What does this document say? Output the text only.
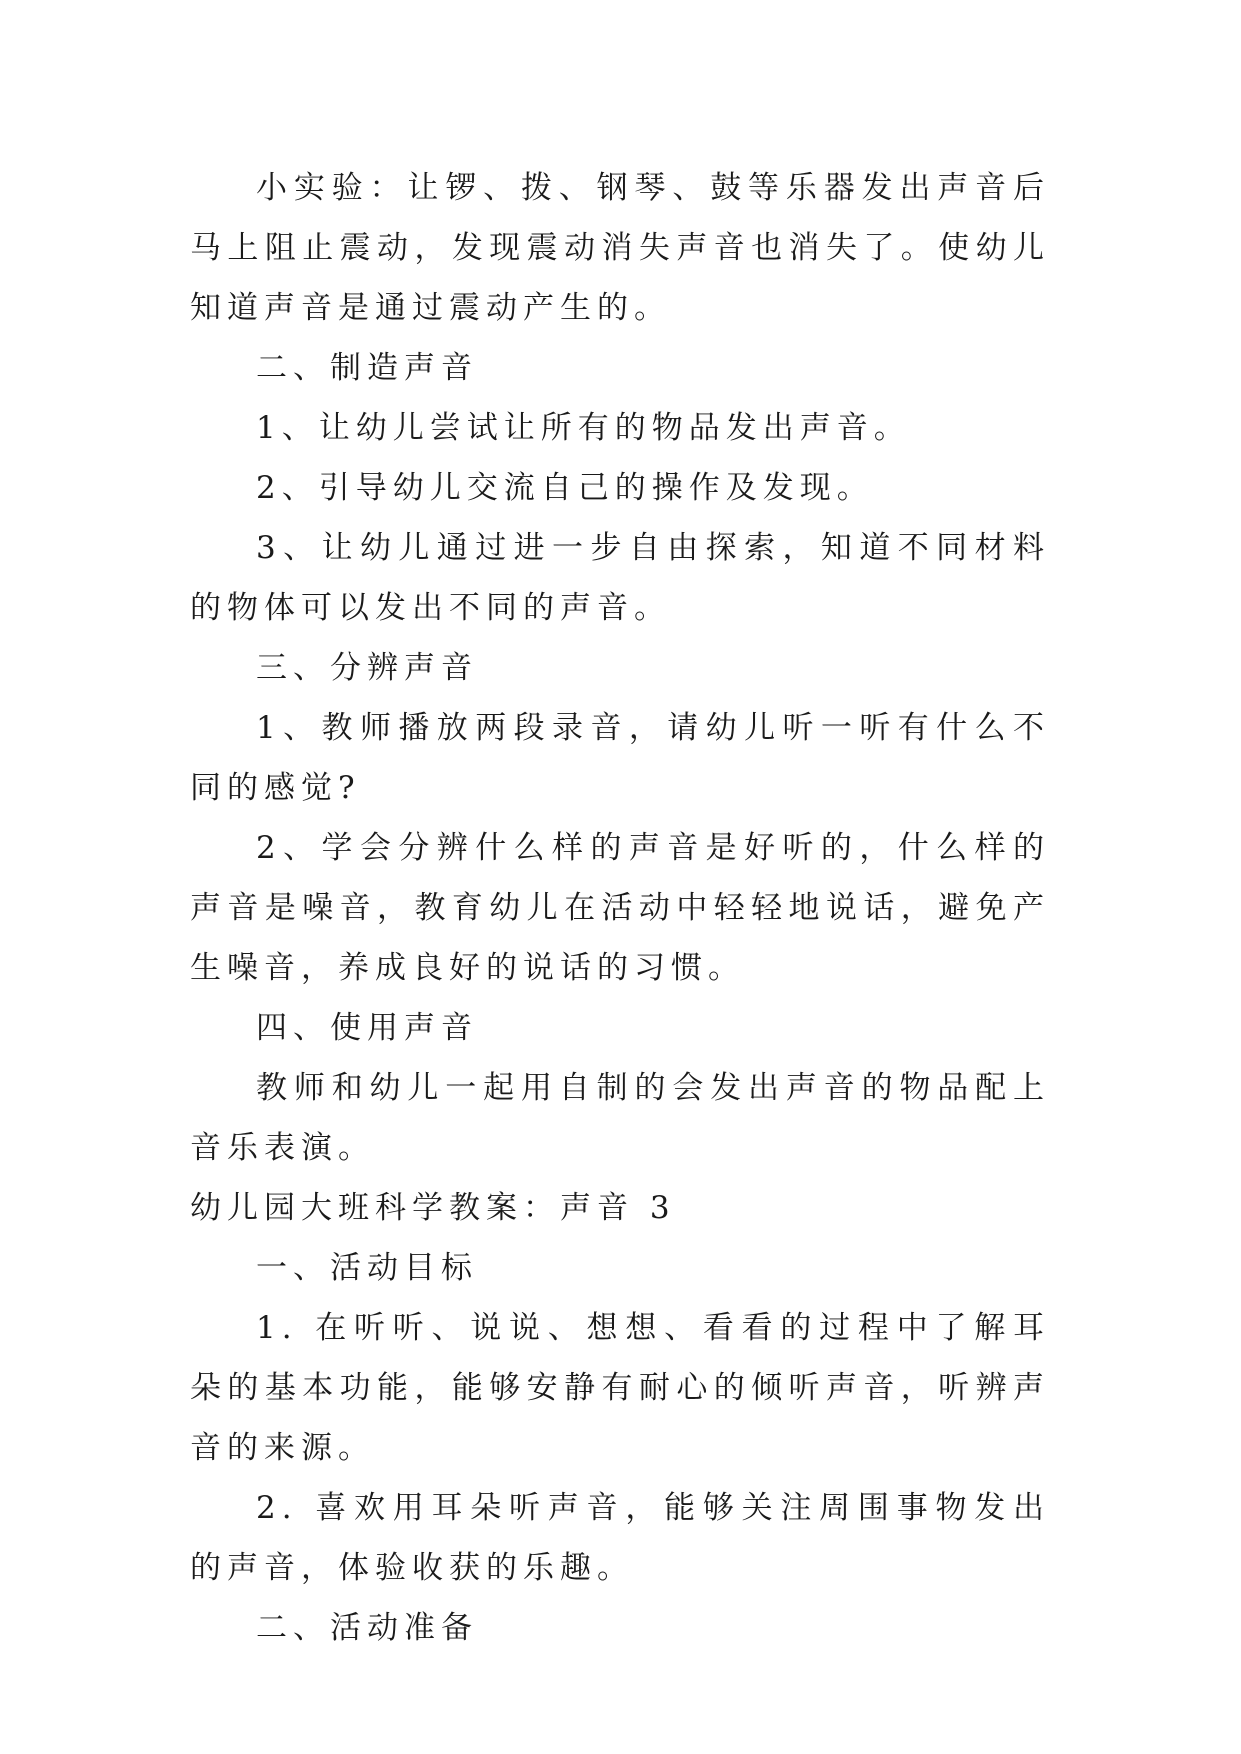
小实验：让锣、拨、钢琴、鼓等乐器发出声音后马上阻止震动，发现震动消失声音也消失了。使幼儿知道声音是通过震动产生的。

二、制造声音

1、让幼儿尝试让所有的物品发出声音。

2、引导幼儿交流自己的操作及发现。

3、让幼儿通过进一步自由探索，知道不同材料的物体可以发出不同的声音。

三、分辨声音

1、教师播放两段录音，请幼儿听一听有什么不同的感觉?

2、学会分辨什么样的声音是好听的，什么样的声音是噪音，教育幼儿在活动中轻轻地说话，避免产生噪音，养成良好的说话的习惯。

四、使用声音

教师和幼儿一起用自制的会发出声音的物品配上音乐表演。

幼儿园大班科学教案：声音 3

一、活动目标

1. 在听听、说说、想想、看看的过程中了解耳朵的基本功能，能够安静有耐心的倾听声音，听辨声音的来源。

2. 喜欢用耳朵听声音，能够关注周围事物发出的声音，体验收获的乐趣。

二、活动准备
